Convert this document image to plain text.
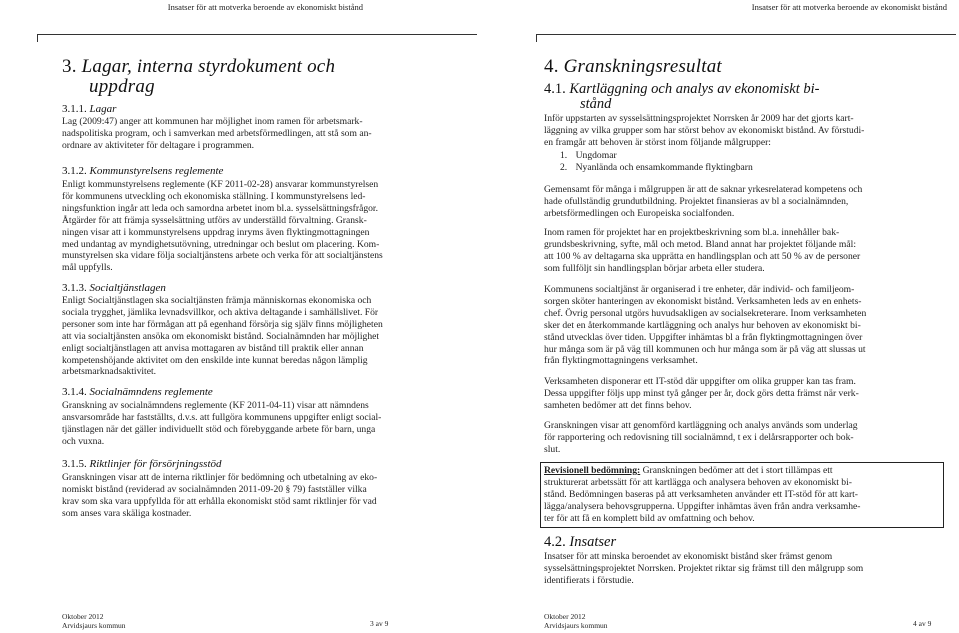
Insatser för att motverka beroende av ekonomiskt bistånd
3. Lagar, interna styrdokument och
uppdrag
3.1.1. Lagar
Lag (2009:47) anger att kommunen har möjlighet inom ramen för arbetsmark-
nadspolitiska program, och i samverkan med arbetsförmedlingen, att stå som an-
ordnare av aktiviteter för deltagare i programmen.
3.1.2. Kommunstyrelsens reglemente
Enligt kommunstyrelsens reglemente (KF 2011-02-28) ansvarar kommunstyrelsen
för kommunens utveckling och ekonomiska ställning. I kommunstyrelsens led-
ningsfunktion ingår att leda och samordna arbetet inom bl.a. sysselsättningsfrågor.
Åtgärder för att främja sysselsättning utförs av underställd förvaltning. Gransk-
ningen visar att i kommunstyrelsens uppdrag inryms även flyktingmottagningen
med undantag av myndighetsutövning, utredningar och beslut om placering. Kom-
munstyrelsen ska vidare följa socialtjänstens arbete och verka för att socialtjänstens
mål uppfylls.
3.1.3. Socialtjänstlagen
Enligt Socialtjänstlagen ska socialtjänsten främja människornas ekonomiska och
sociala trygghet, jämlika levnadsvillkor, och aktiva deltagande i samhällslivet. För
personer som inte har förmågan att på egenhand försörja sig själv finns möjligheten
att via socialtjänsten ansöka om ekonomiskt bistånd. Socialnämnden har möjlighet
enligt socialtjänstlagen att anvisa mottagaren av bistånd till praktik eller annan
kompetenshöjande aktivitet om den enskilde inte kunnat beredas någon lämplig
arbetsmarknadsaktivitet.
3.1.4. Socialnämndens reglemente
Granskning av socialnämndens reglemente (KF 2011-04-11) visar att nämndens
ansvarsområde har fastställts, d.v.s. att fullgöra kommunens uppgifter enligt social-
tjänstlagen när det gäller individuellt stöd och förebyggande arbete för barn, unga
och vuxna.
3.1.5. Riktlinjer för försörjningsstöd
Granskningen visar att de interna riktlinjer för bedömning och utbetalning av eko-
nomiskt bistånd (reviderad av socialnämnden 2011-09-20 § 79) fastställer vilka
krav som ska vara uppfyllda för att erhålla ekonomiskt stöd samt riktlinjer för vad
som anses vara skäliga kostnader.
Oktober 2012
Arvidsjaurs kommun	3 av 9
Insatser för att motverka beroende av ekonomiskt bistånd
4. Granskningsresultat
4.1. Kartläggning och analys av ekonomiskt bi-
stånd
Inför uppstarten av sysselsättningsprojektet Norrsken år 2009 har det gjorts kart-
läggning av vilka grupper som har störst behov av ekonomiskt bistånd. Av förstudi-
en framgår att behoven är störst inom följande målgrupper:
1. Ungdomar
2. Nyanlända och ensamkommande flyktingbarn
Gemensamt för många i målgruppen är att de saknar yrkesrelaterad kompetens och
hade ofullständig grundutbildning. Projektet finansieras av bl a socialnämnden,
arbetsförmedlingen och Europeiska socialfonden.
Inom ramen för projektet har en projektbeskrivning som bl.a. innehåller bak-
grundsbeskrivning, syfte, mål och metod. Bland annat har projektet följande mål:
att 100 % av deltagarna ska upprätta en handlingsplan och att 50 % av de personer
som fullföljt sin handlingsplan börjar arbeta eller studera.
Kommunens socialtjänst är organiserad i tre enheter, där individ- och familjeom-
sorgen sköter hanteringen av ekonomiskt bistånd. Verksamheten leds av en enhets-
chef. Övrig personal utgörs huvudsakligen av socialsekreterare. Inom verksamheten
sker det en återkommande kartläggning och analys hur behoven av ekonomiskt bi-
stånd utvecklas över tiden. Uppgifter inhämtas bl a från flyktingmottagningen över
hur många som är på väg till kommunen och hur många som är på väg att slussas ut
från flyktingmottagningens verksamhet.
Verksamheten disponerar ett IT-stöd där uppgifter om olika grupper kan tas fram.
Dessa uppgifter följs upp minst tyå gånger per år, dock görs detta främst när verk-
samheten bedömer att det finns behov.
Granskningen visar att genomförd kartläggning och analys används som underlag
för rapportering och redovisning till socialnämnd, t ex i delårsrapporter och bok-
slut.
Revisionell bedömning: Granskningen bedömer att det i stort tillämpas ett
strukturerat arbetssätt för att kartlägga och analysera behoven av ekonomiskt bi-
stånd. Bedömningen baseras på att verksamheten använder ett IT-stöd för att kart-
lägga/analysera behovsgrupperna. Uppgifter inhämtas även från andra verksamhe-
ter för att få en komplett bild av omfattning och behov.
4.2. Insatser
Insatser för att minska beroendet av ekonomiskt bistånd sker främst genom
sysselsättningsprojektet Norrsken. Projektet riktar sig främst till den målgrupp som
identifierats i förstudie.
Oktober 2012
Arvidsjaurs kommun	4 av 9
